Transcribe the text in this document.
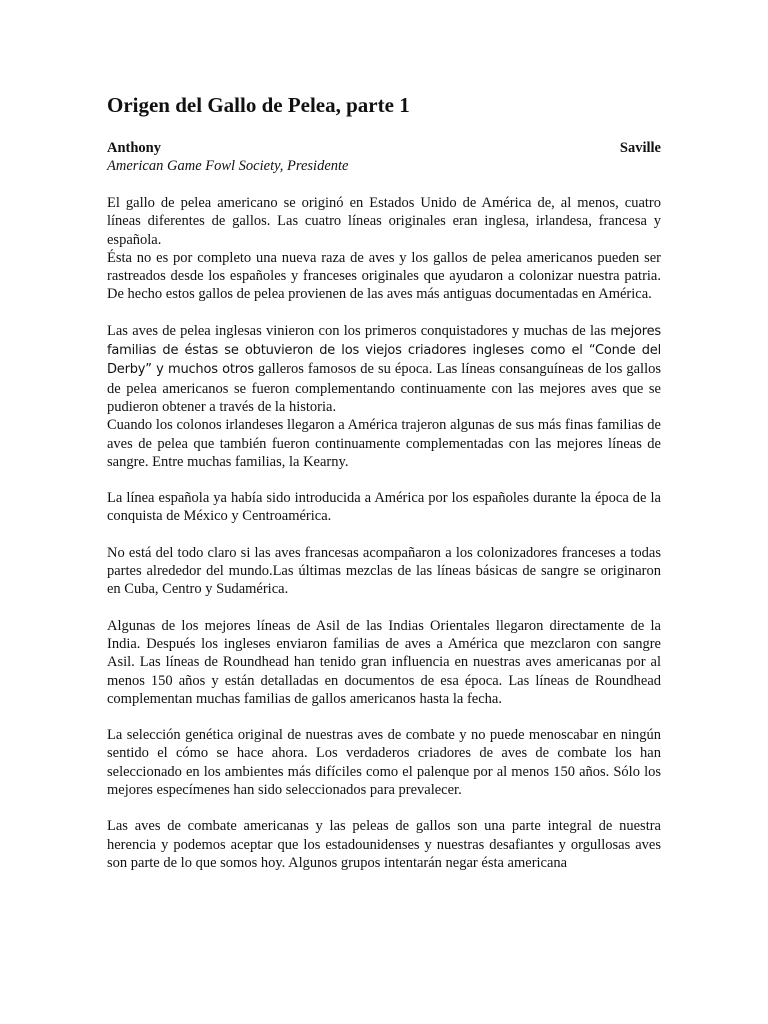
Origen del Gallo de Pelea, parte 1
Anthony	Saville
American Game Fowl Society, Presidente

El gallo de pelea americano se originó en Estados Unido de América de, al menos, cuatro líneas diferentes de gallos. Las cuatro líneas originales eran inglesa, irlandesa, francesa y española.

Ésta no es por completo una nueva raza de aves y los gallos de pelea americanos pueden ser rastreados desde los españoles y franceses originales que ayudaron a colonizar nuestra patria. De hecho estos gallos de pelea provienen de las aves más antiguas documentadas en América.

Las aves de pelea inglesas vinieron con los primeros conquistadores y muchas de las mejores familias de éstas se obtuvieron de los viejos criadores ingleses como el “Conde del Derby” y muchos otros galleros famosos de su época. Las líneas consanguíneas de los gallos de pelea americanos se fueron complementando continuamente con las mejores aves que se pudieron obtener a través de la historia.

Cuando los colonos irlandeses llegaron a América trajeron algunas de sus más finas familias de aves de pelea que también fueron continuamente complementadas con las mejores líneas de sangre. Entre muchas familias, la Kearny.

La línea española ya había sido introducida a América por los españoles durante la época de la conquista de México y Centroamérica.

No está del todo claro si las aves francesas acompañaron a los colonizadores franceses a todas partes alrededor del mundo.Las últimas mezclas de las líneas básicas de sangre se originaron en Cuba, Centro y Sudamérica.

Algunas de los mejores líneas de Asil de las Indias Orientales llegaron directamente de la India. Después los ingleses enviaron familias de aves a América que mezclaron con sangre Asil. Las líneas de Roundhead han tenido gran influencia en nuestras aves americanas por al menos 150 años y están detalladas en documentos de esa época. Las líneas de Roundhead complementan muchas familias de gallos americanos hasta la fecha.

La selección genética original de nuestras aves de combate y no puede menoscabar en ningún sentido el cómo se hace ahora. Los verdaderos criadores de aves de combate los han seleccionado en los ambientes más difíciles como el palenque por al menos 150 años. Sólo los mejores especímenes han sido seleccionados para prevalecer.

Las aves de combate americanas y las peleas de gallos son una parte integral de nuestra herencia y podemos aceptar que los estadounidenses y nuestras desafiantes y orgullosas aves son parte de lo que somos hoy. Algunos grupos intentarán negar ésta americana
